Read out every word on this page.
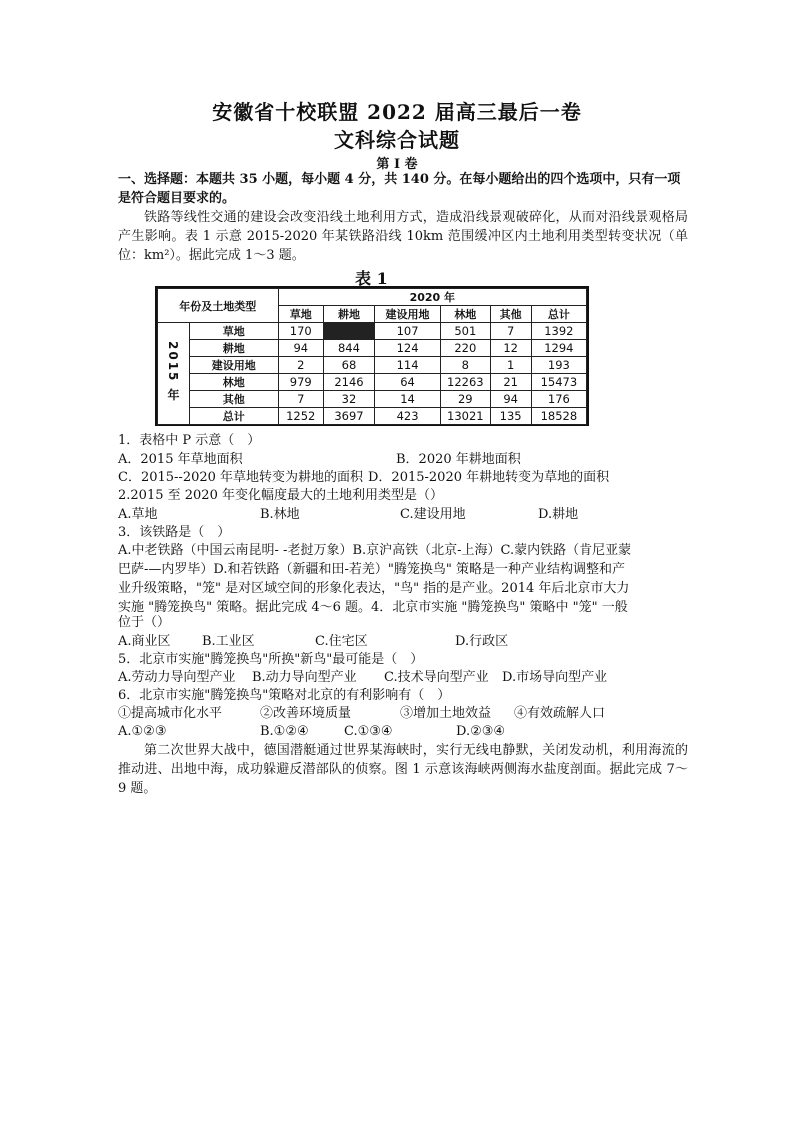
安徽省十校联盟 2022 届高三最后一卷
文科综合试题
第 I 卷
一、选择题：本题共 35 小题，每小题 4 分，共 140 分。在每小题给出的四个选项中，只有一项是符合题目要求的。
铁路等线性交通的建设会改变沿线土地利用方式，造成沿线景观破碎化，从而对沿线景观格局产生影响。表 1 示意 2015-2020 年某铁路沿线 10km 范围缓冲区内土地利用类型转变状况（单位：km²）。据此完成 1～3 题。
表 1
年份及土地类型		2020 年					
		草地	耕地	建设用地	林地	其他	总计
2015 年	草地	170		107	501	7	1392
	耕地	94	844	124	220	12	1294
	建设用地	2	68	114	8	1	193
	林地	979	2146	64	12263	21	15473
	其他	7	32	14	29	94	176
	总计	1252	3697	423	13021	135	18528
1．表格中 P 示意（　）
A．2015 年草地面积	B．2020 年耕地面积
C．2015--2020 年草地转变为耕地的面积 D．2015-2020 年耕地转变为草地的面积
2.2015 至 2020 年变化幅度最大的土地利用类型是（）
A.草地	B.林地	C.建设用地	D.耕地
3．该铁路是（　）
A.中老铁路（中国云南昆明- -老挝万象）B.京沪高铁（北京-上海）C.蒙内铁路（肯尼亚蒙
巴萨-—内罗毕）D.和若铁路（新疆和田-若羌）"腾笼换鸟" 策略是一种产业结构调整和产
业升级策略，"笼" 是对区域空间的形象化表达，"鸟" 指的是产业。2014 年后北京市大力
实施 "腾笼换鸟" 策略。据此完成 4～6 题。4．北京市实施 "腾笼换鸟" 策略中 "笼" 一般
位于（）
A.商业区 B.工业区	C.住宅区	D.行政区
5．北京市实施"腾笼换鸟"所换"新鸟"最可能是（　）
A.劳动力导向型产业 B.动力导向型产业 C.技术导向型产业 D.市场导向型产业
6．北京市实施"腾笼换鸟"策略对北京的有利影响有（　）
①提高城市化水平	②改善环境质量	③增加土地效益 ④有效疏解人口
A.①②③	B.①②④	C.①③④	D.②③④
第二次世界大战中，德国潜艇通过世界某海峡时，实行无线电静默，关闭发动机，利用海流的推动进、出地中海，成功躲避反潜部队的侦察。图 1 示意该海峡两侧海水盐度剖面。据此完成 7～9 题。
